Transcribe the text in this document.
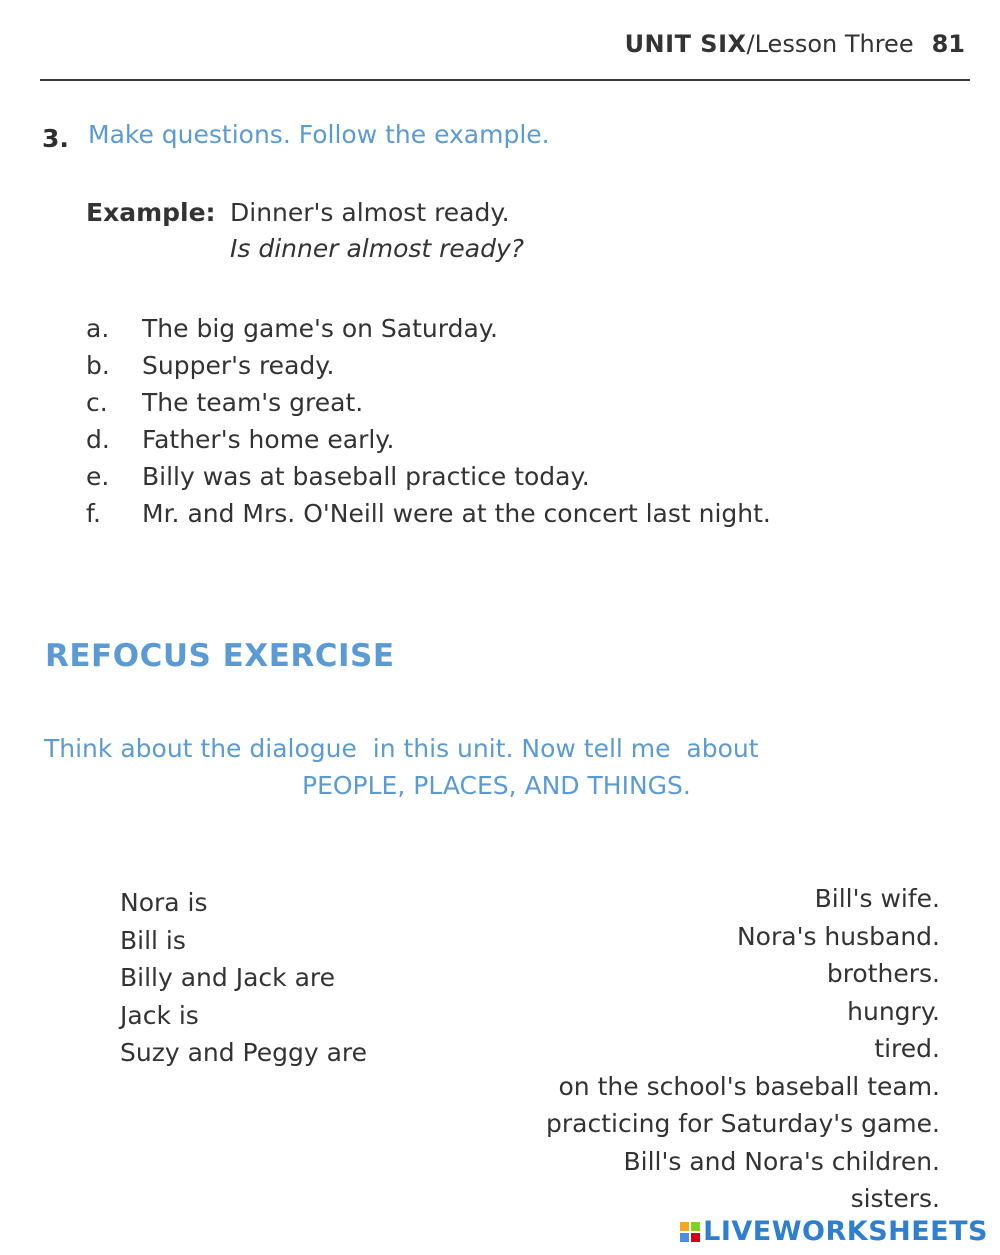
UNIT SIX/Lesson Three 81
3. Make questions. Follow the example.
Example: Dinner's almost ready.
Is dinner almost ready?
a. The big game's on Saturday.
b. Supper's ready.
c. The team's great.
d. Father's home early.
e. Billy was at baseball practice today.
f. Mr. and Mrs. O'Neill were at the concert last night.
REFOCUS EXERCISE
Think about the dialogue  in this unit. Now tell me  about
PEOPLE, PLACES, AND THINGS.
Nora is
Bill is
Billy and Jack are
Jack is
Suzy and Peggy are
Bill's wife.
Nora's husband.
brothers.
hungry.
tired.
on the school's baseball team.
practicing for Saturday's game.
Bill's and Nora's children.
sisters.
LIVEWORKSHEETS
